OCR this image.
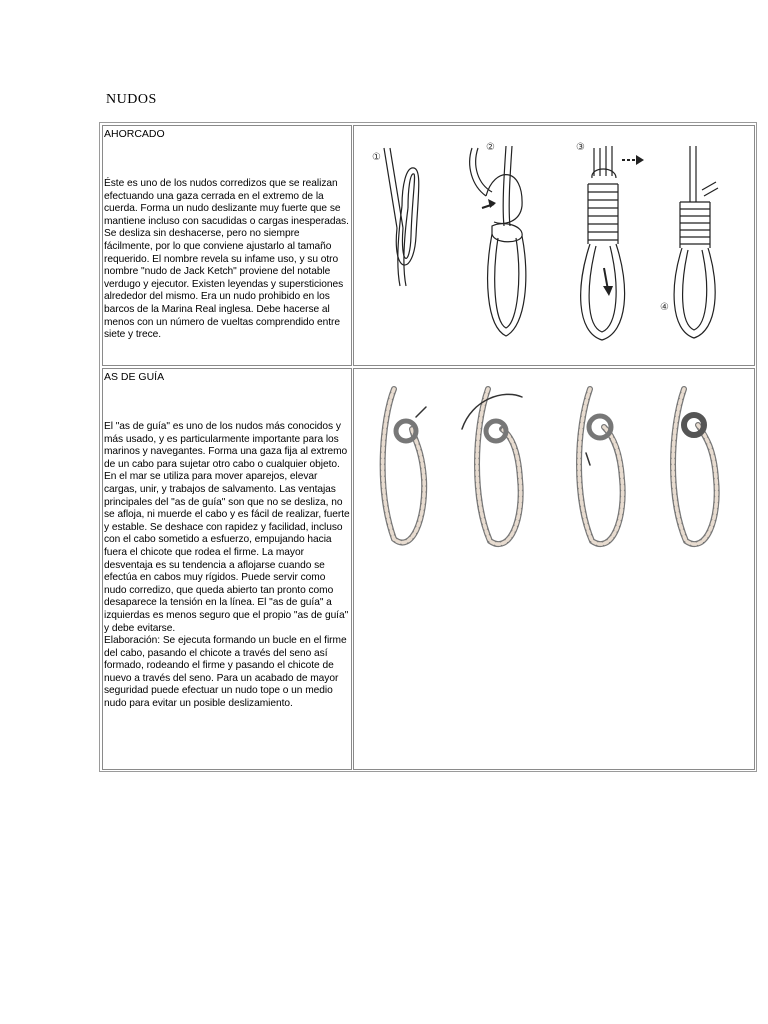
NUDOS
AHORCADO
Éste es uno de los nudos corredizos que se realizan efectuando una gaza cerrada en el extremo de la cuerda. Forma un nudo deslizante muy fuerte que se mantiene incluso con sacudidas o cargas inesperadas. Se desliza sin deshacerse, pero no siempre fácilmente, por lo que conviene ajustarlo al tamaño requerido. El nombre revela su infame uso, y su otro nombre "nudo de Jack Ketch" proviene del notable verdugo y ejecutor. Existen leyendas y supersticiones alrededor del mismo. Era un nudo prohibido en los barcos de la Marina Real inglesa. Debe hacerse al menos con un número de vueltas comprendido entre siete y trece.
①
②	③
④
AS DE GUÍA
El "as de guía" es uno de los nudos más conocidos y más usado, y es particularmente importante para los marinos y navegantes. Forma una gaza fija al extremo de un cabo para sujetar otro cabo o cualquier objeto. En el mar se utiliza para mover aparejos, elevar cargas, unir, y trabajos de salvamento. Las ventajas principales del "as de guía" son que no se desliza, no se afloja, ni muerde el cabo y es fácil de realizar, fuerte y estable. Se deshace con rapidez y facilidad, incluso con el cabo sometido a esfuerzo, empujando hacia fuera el chicote que rodea el firme. La mayor desventaja es su tendencia a aflojarse cuando se efectúa en cabos muy rígidos. Puede servir como nudo corredizo, que queda abierto tan pronto como desaparece la tensión en la línea. El "as de guía" a izquierdas es menos seguro que el propio "as de guía" y debe evitarse.
Elaboración: Se ejecuta formando un bucle en el firme del cabo, pasando el chicote a través del seno así formado, rodeando el firme y pasando el chicote de nuevo a través del seno. Para un acabado de mayor seguridad puede efectuar un nudo tope o un medio nudo para evitar un posible deslizamiento.
